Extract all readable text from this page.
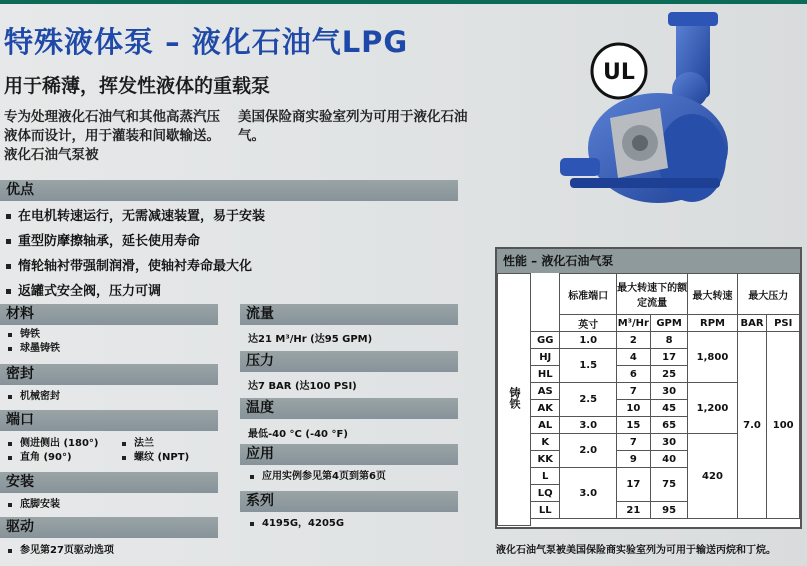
特殊液体泵 – 液化石油气LPG
用于稀薄，挥发性液体的重载泵
专为处理液化石油气和其他高蒸汽压液体而设计，用于灌装和间歇输送。液化石油气泵被
美国保险商实验室列为可用于液化石油气。
UL
优点
在电机转速运行，无需减速装置，易于安装
重型防摩擦轴承，延长使用寿命
惰轮轴衬带强制润滑，使轴衬寿命最大化
返罐式安全阀，压力可调
材料
铸铁
球墨铸铁
密封
机械密封
端口
侧进侧出 (180°)
直角 (90°)
法兰
螺纹 (NPT)
安装
底脚安装
驱动
参见第27页驱动选项
流量
达21 M³/Hr (达95 GPM)
压力
达7 BAR (达100 PSI)
温度
最低-40 °C (-40 °F)
应用
应用实例参见第4页到第6页
系列
4195G，4205G
性能 – 液化石油气泵
铸铁		标准端口	最大转速下的额定流量		最大转速	最大压力	
		英寸	M³/Hr	GPM	RPM	BAR	PSI
	GG	1.0	2	8	1,800	7.0	100
	HJ	1.5	4	17			
	HL		6	25			
	AS	2.5	7	30	1,200		
	AK		10	45			
	AL	3.0	15	65			
	K	2.0	7	30	420		
	KK		9	40			
	L	3.0	17	75			
	LQ						
	LL		21	95			

液化石油气泵被美国保险商实验室列为可用于输送丙烷和丁烷。
